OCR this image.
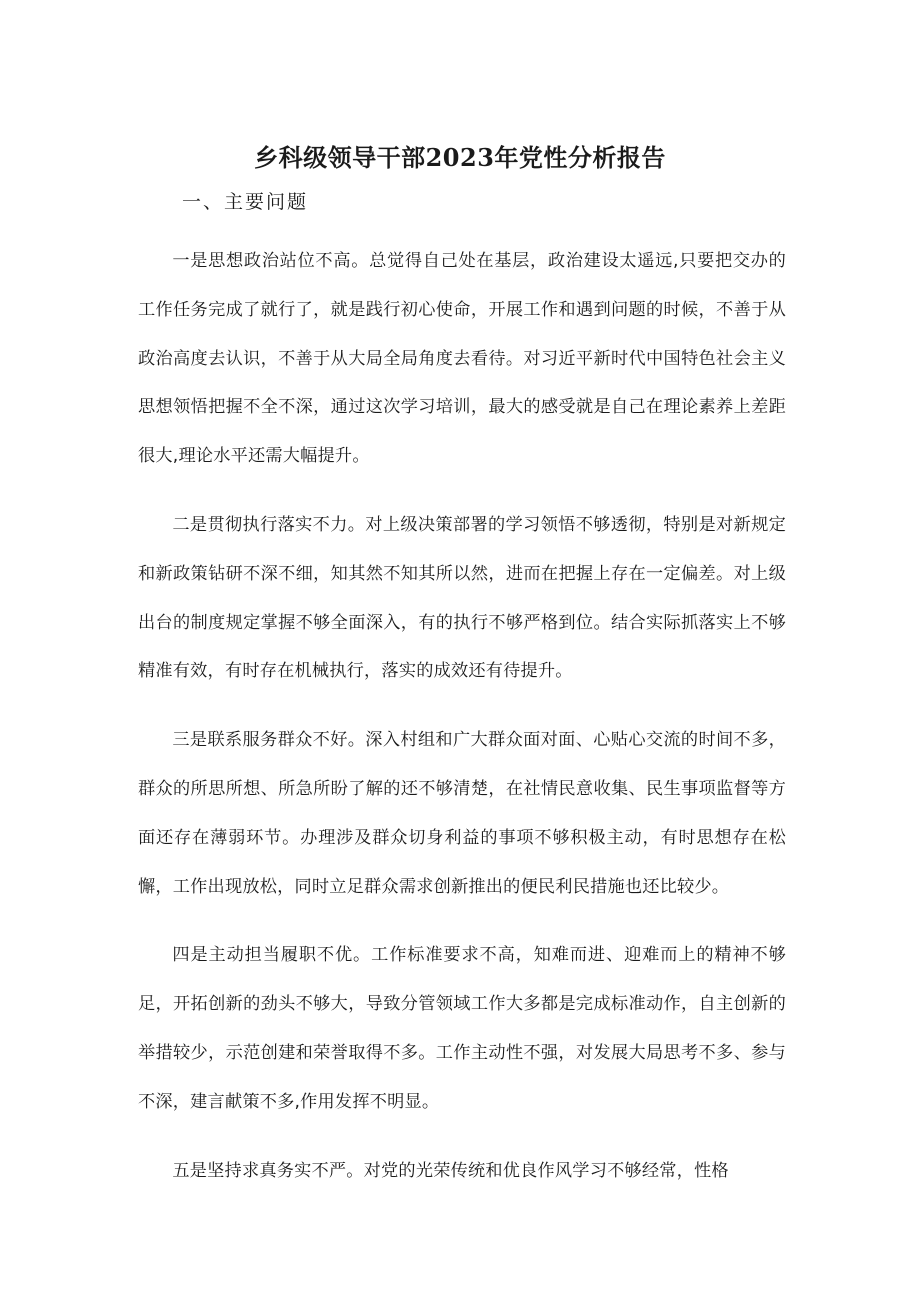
乡科级领导干部2023年党性分析报告
一、主要问题

一是思想政治站位不高。总觉得自己处在基层，政治建设太遥远,只要把交办的工作任务完成了就行了，就是践行初心使命，开展工作和遇到问题的时候，不善于从政治高度去认识，不善于从大局全局角度去看待。对习近平新时代中国特色社会主义思想领悟把握不全不深，通过这次学习培训，最大的感受就是自己在理论素养上差距很大,理论水平还需大幅提升。

二是贯彻执行落实不力。对上级决策部署的学习领悟不够透彻，特别是对新规定和新政策钻研不深不细，知其然不知其所以然，进而在把握上存在一定偏差。对上级出台的制度规定掌握不够全面深入，有的执行不够严格到位。结合实际抓落实上不够精准有效，有时存在机械执行，落实的成效还有待提升。

三是联系服务群众不好。深入村组和广大群众面对面、心贴心交流的时间不多，群众的所思所想、所急所盼了解的还不够清楚，在社情民意收集、民生事项监督等方面还存在薄弱环节。办理涉及群众切身利益的事项不够积极主动，有时思想存在松懈，工作出现放松，同时立足群众需求创新推出的便民利民措施也还比较少。

四是主动担当履职不优。工作标准要求不高，知难而进、迎难而上的精神不够足，开拓创新的劲头不够大，导致分管领域工作大多都是完成标准动作，自主创新的举措较少，示范创建和荣誉取得不多。工作主动性不强，对发展大局思考不多、参与不深，建言献策不多,作用发挥不明显。

五是坚持求真务实不严。对党的光荣传统和优良作风学习不够经常，性格
